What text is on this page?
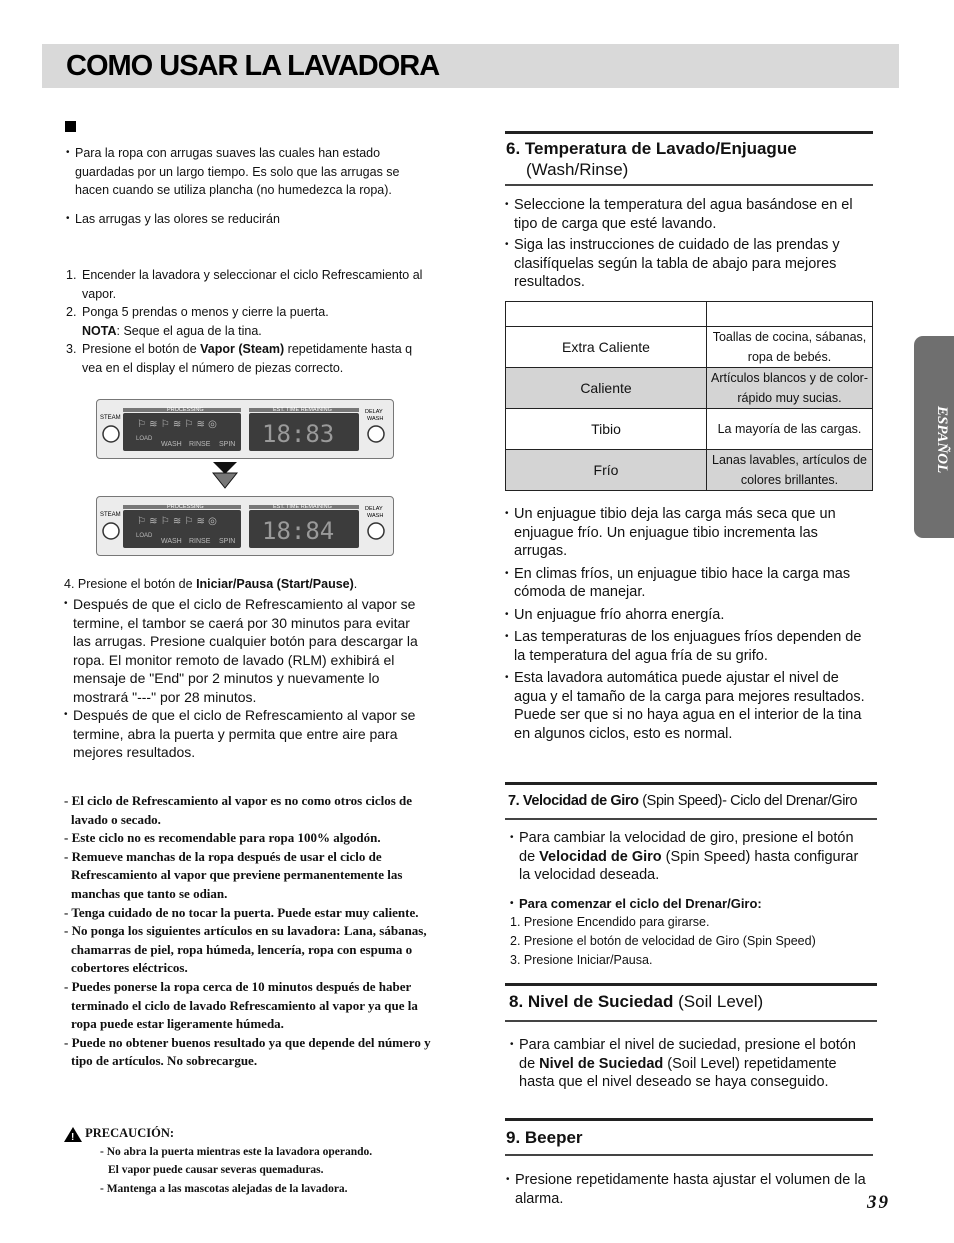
COMO USAR LA LAVADORA
ESPAÑOL
• Para la ropa con arrugas suaves las cuales han estado guardadas por un largo tiempo. Es solo que las arrugas se hacen cuando se utiliza plancha (no humedezca la ropa).
• Las arrugas y las olores se reducirán
1. Encender la lavadora y seleccionar el ciclo Refrescamiento al vapor.
2. Ponga 5 prendas o menos y cierre la puerta.
NOTA: Seque el agua de la tina.
3. Presione el botón de Vapor (Steam) repetidamente hasta q vea en el display el número de piezas correcto.
STEAM
DELAY
WASH
PROCESSING	EST. TIME REMAINING
⚐ ≋ ⚐ ≋ ⚐ ≋ ◎
WASH RINSE SPIN
LOAD	18:83
STEAM
DELAY
WASH
PROCESSING	EST. TIME REMAINING
⚐ ≋ ⚐ ≋ ⚐ ≋ ◎
WASH RINSE SPIN
LOAD	18:84
4. Presione el botón de Iniciar/Pausa (Start/Pause).
• Después de que el ciclo de Refrescamiento al vapor se termine, el tambor se caerá por 30 minutos para evitar las arrugas. Presione cualquier botón para descargar la ropa. El monitor remoto de lavado (RLM) exhibirá el mensaje de "End" por 2 minutos y nuevamente lo mostrará "---" por 28 minutos.
• Después de que el ciclo de Refrescamiento al vapor se termine, abra la puerta y permita que entre aire para mejores resultados.
- El ciclo de Refrescamiento al vapor es no como otros ciclos de lavado o secado.
- Este ciclo no es recomendable para ropa 100% algodón.
- Remueve manchas de la ropa después de usar el ciclo de Refrescamiento al vapor que previene permanentemente las manchas que tanto se odian.
- Tenga cuidado de no tocar la puerta. Puede estar muy caliente.
- No ponga los siguientes artículos en su lavadora: Lana, sábanas, chamarras de piel, ropa húmeda, lencería, ropa con espuma o cobertores eléctricos.
- Puedes ponerse la ropa cerca de 10 minutos después de haber terminado el ciclo de lavado Refrescamiento al vapor ya que la ropa puede estar ligeramente húmeda.
- Puede no obtener buenos resultado ya que depende del número y tipo de artículos. No sobrecargue.
! PRECAUCIÓN:
- No abra la puerta mientras este la lavadora operando.
El vapor puede causar severas quemaduras.
- Mantenga a las mascotas alejadas de la lavadora.
6. Temperatura de Lavado/Enjuague
(Wash/Rinse)
• Seleccione la temperatura del agua basándose en el tipo de carga que esté lavando.
• Siga las instrucciones de cuidado de las prendas y clasifíquelas según la tabla de abajo para mejores resultados.

Extra Caliente	Toallas de cocina, sábanas, ropa de bebés.
Caliente	Artículos blancos y de color-rápido muy sucias.
Tibio	La mayoría de las cargas.
Frío	Lanas lavables, artículos de colores brillantes.
• Un enjuague tibio deja las carga más seca que un enjuague frío. Un enjuague tibio incrementa las arrugas.
• En climas fríos, un enjuague tibio hace la carga mas cómoda de manejar.
• Un enjuague frío ahorra energía.
• Las temperaturas de los enjuagues fríos dependen de la temperatura del agua fría de su grifo.
• Esta lavadora automática puede ajustar el nivel de agua y el tamaño de la carga para mejores resultados. Puede ser que si no haya agua en el interior de la tina en algunos ciclos, esto es normal.
7. Velocidad de Giro (Spin Speed)- Ciclo del Drenar/Giro
• Para cambiar la velocidad de giro, presione el botón de Velocidad de Giro (Spin Speed) hasta configurar la velocidad deseada.
• Para comenzar el ciclo del Drenar/Giro:
1. Presione Encendido para girarse.
2. Presione el botón de velocidad de Giro (Spin Speed)
3. Presione Iniciar/Pausa.
8. Nivel de Suciedad (Soil Level)
• Para cambiar el nivel de suciedad, presione el botón de Nivel de Suciedad (Soil Level) repetidamente hasta que el nivel deseado se haya conseguido.
9. Beeper
• Presione repetidamente hasta ajustar el volumen de la alarma.	39
